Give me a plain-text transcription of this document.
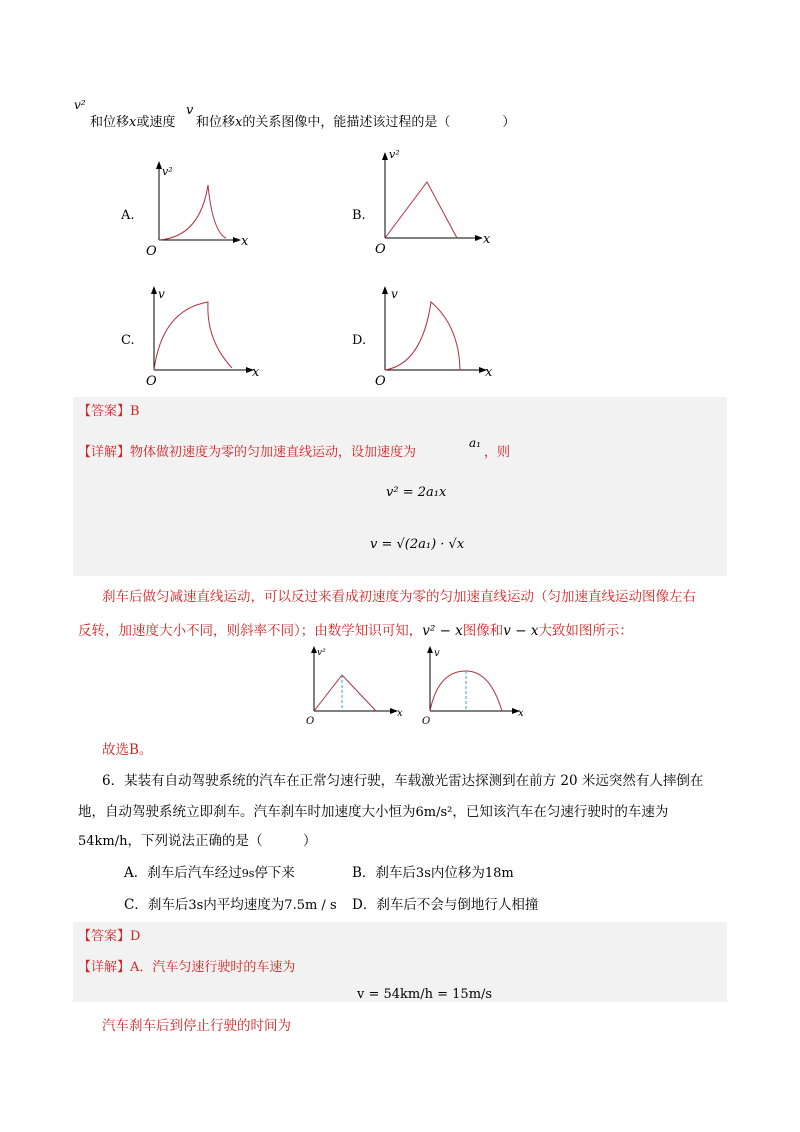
v²
和位移x或速度
v
和位移x的关系图像中，能描述该过程的是（　　　　）
A.
v²
O
x
B.
v²
O
x
C.
v
O
x
D.
v
O
x
【答案】B
【详解】物体做初速度为零的匀加速直线运动，设加速度为
a₁
，则
v² = 2a₁x
v = √(2a₁) · √x
刹车后做匀减速直线运动，可以反过来看成初速度为零的匀加速直线运动（匀加速直线运动图像左右
反转，加速度大小不同，则斜率不同）；由数学知识可知，v² − x图像和v − x大致如图所示：
v²
O
x
v
O
x
故选B。
6．某装有自动驾驶系统的汽车在正常匀速行驶，车载激光雷达探测到在前方 20 米远突然有人摔倒在
地，自动驾驶系统立即刹车。汽车刹车时加速度大小恒为6m/s²，已知该汽车在匀速行驶时的车速为
54km/h，下列说法正确的是（　　　）
A．刹车后汽车经过9s停下来	B．刹车后3s内位移为18m
C．刹车后3s内平均速度为7.5m / s D．刹车后不会与倒地行人相撞
【答案】D
【详解】A．汽车匀速行驶时的车速为
v = 54km/h = 15m/s
汽车刹车后到停止行驶的时间为
